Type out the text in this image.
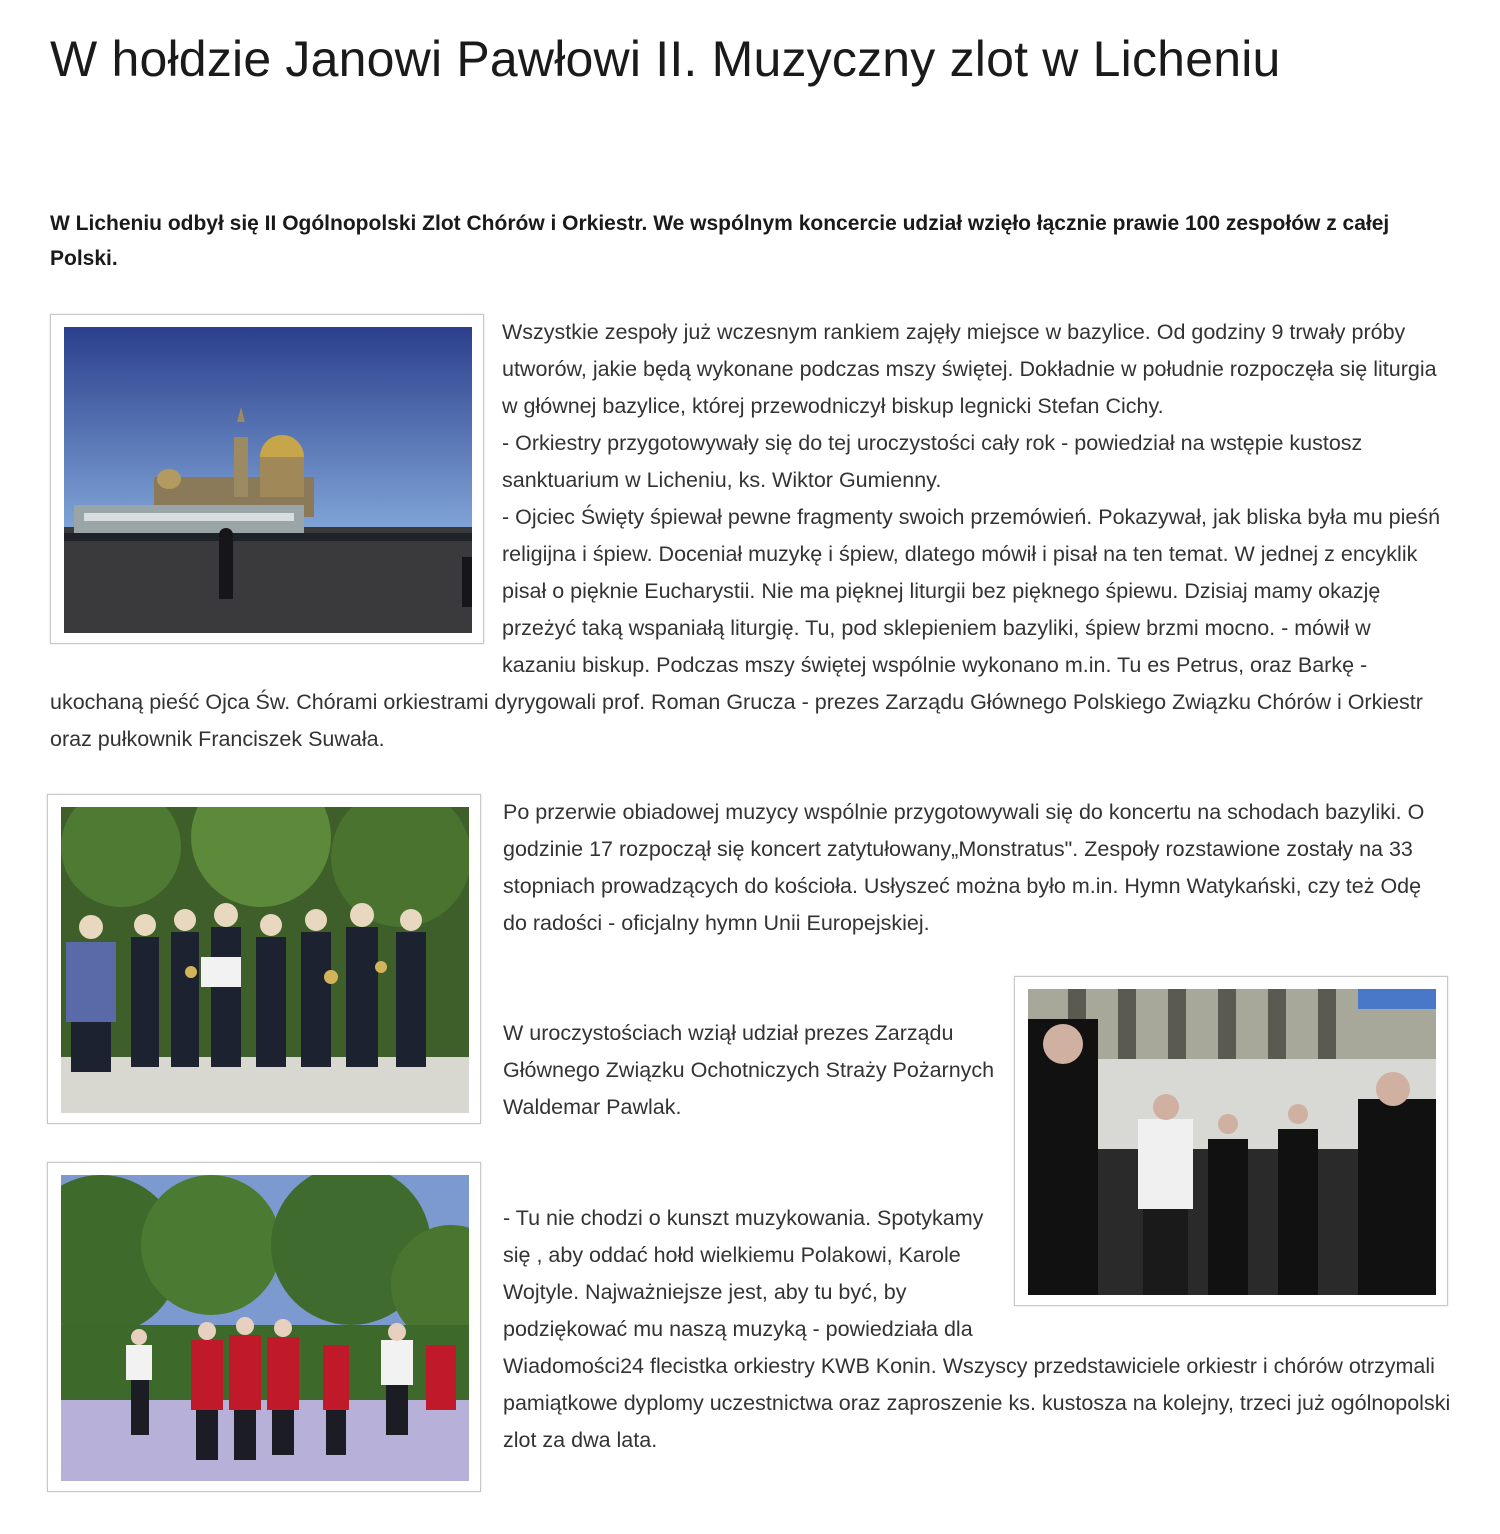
W hołdzie Janowi Pawłowi II. Muzyczny zlot w Licheniu

W Licheniu odbył się II Ogólnopolski Zlot Chórów i Orkiestr. We wspólnym koncercie udział wzięło łącznie prawie 100 zespołów z całej Polski.

Wszystkie zespoły już wczesnym rankiem zajęły miejsce w bazylice. Od godziny 9 trwały próby utworów, jakie będą wykonane podczas mszy świętej. Dokładnie w południe rozpoczęła się liturgia w głównej bazylice, której przewodniczył biskup legnicki Stefan Cichy.
- Orkiestry przygotowywały się do tej uroczystości cały rok - powiedział na wstępie kustosz sanktuarium w Licheniu, ks. Wiktor Gumienny.
- Ojciec Święty śpiewał pewne fragmenty swoich przemówień. Pokazywał, jak bliska była mu pieśń religijna i śpiew. Doceniał muzykę i śpiew, dlatego mówił i pisał na ten temat. W jednej z encyklik pisał o pięknie Eucharystii. Nie ma pięknej liturgii bez pięknego śpiewu. Dzisiaj mamy okazję przeżyć taką wspaniałą liturgię. Tu, pod sklepieniem bazyliki, śpiew brzmi mocno. - mówił w kazaniu biskup. Podczas mszy świętej wspólnie wykonano m.in. Tu es Petrus, oraz Barkę - ukochaną pieść Ojca Św. Chórami orkiestrami dyrygowali prof. Roman Grucza - prezes Zarządu Głównego Polskiego Związku Chórów i Orkiestr oraz pułkownik Franciszek Suwała.

Po przerwie obiadowej muzycy wspólnie przygotowywali się do koncertu na schodach bazyliki. O godzinie 17 rozpoczął się koncert zatytułowany„Monstratus". Zespoły rozstawione zostały na 33 stopniach prowadzących do kościoła. Usłyszeć można było m.in. Hymn Watykański, czy też Odę do radości - oficjalny hymn Unii Europejskiej.

W uroczystościach wziął udział prezes Zarządu Głównego Związku Ochotniczych Straży Pożarnych Waldemar Pawlak.

- Tu nie chodzi o kunszt muzykowania. Spotykamy się , aby oddać hołd wielkiemu Polakowi, Karole Wojtyle. Najważniejsze jest, aby tu być, by podziękować mu naszą muzyką - powiedziała dla Wiadomości24 flecistka orkiestry KWB Konin. Wszyscy przedstawiciele orkiestr i chórów otrzymali pamiątkowe dyplomy uczestnictwa oraz zaproszenie ks. kustosza na kolejny, trzeci już ogólnopolski zlot za dwa lata.
